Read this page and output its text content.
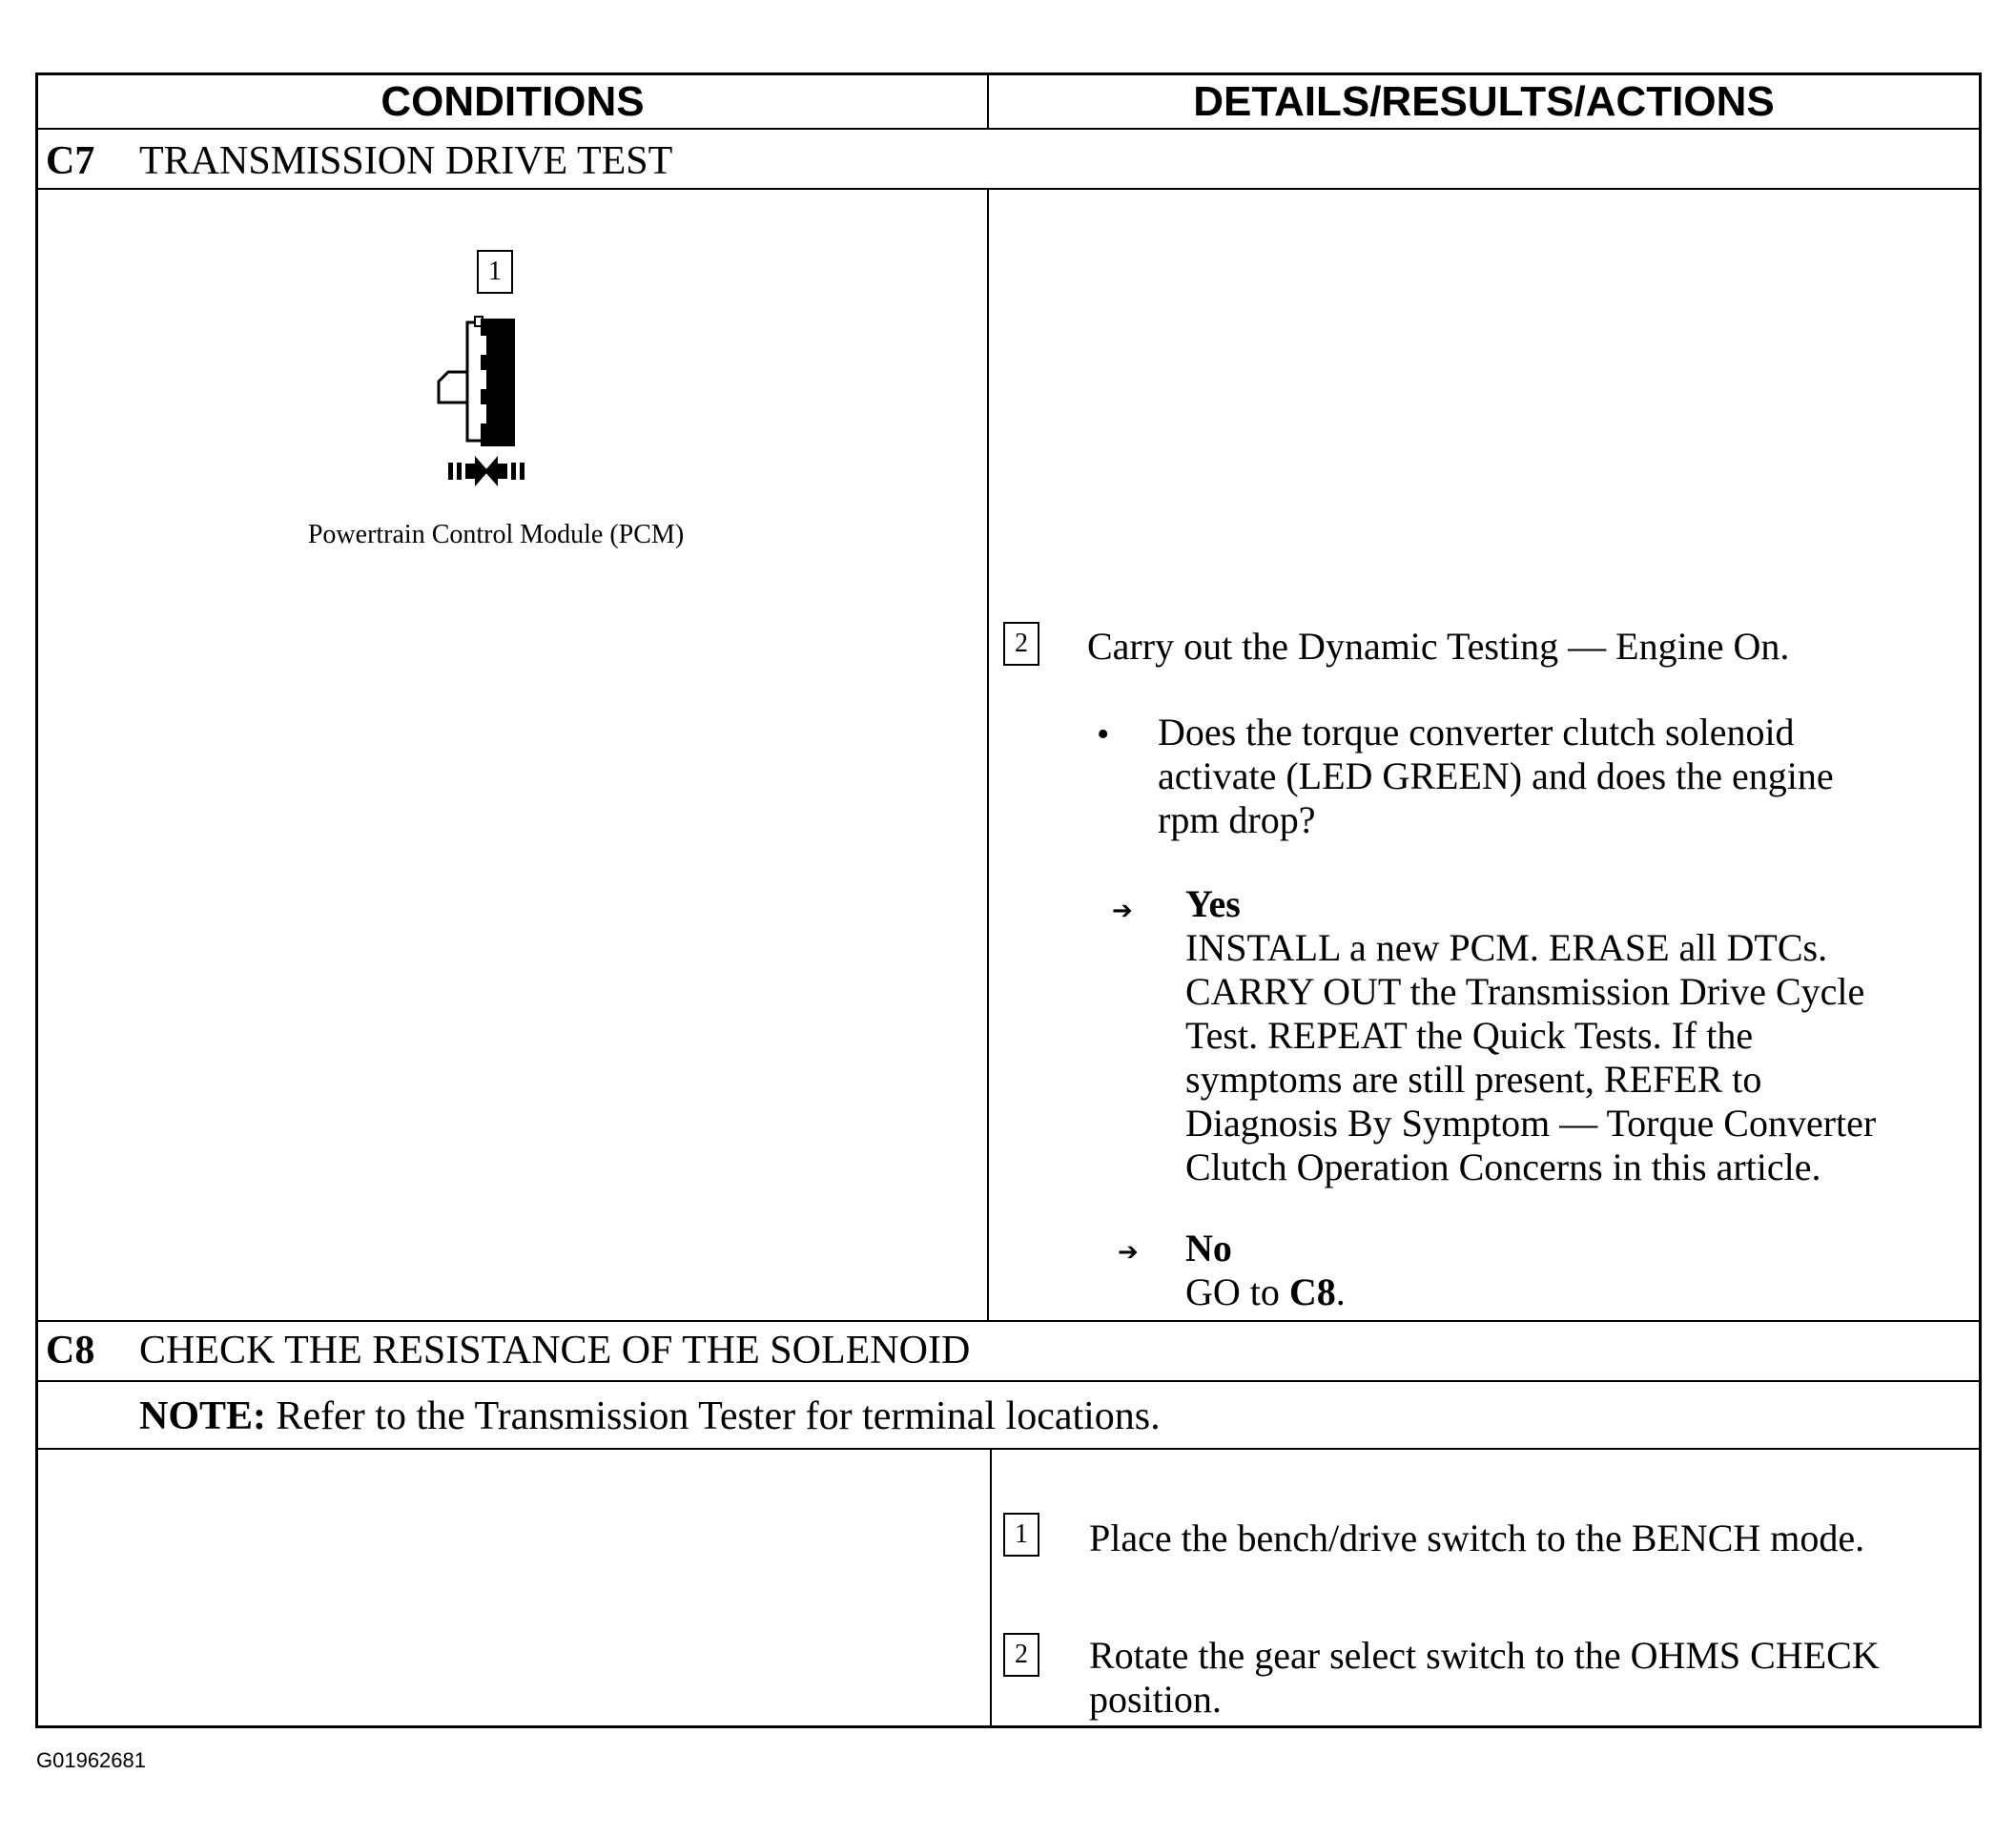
CONDITIONS	DETAILS/RESULTS/ACTIONS
C7 TRANSMISSION DRIVE TEST
1
Powertrain Control Module (PCM)
2	Carry out the Dynamic Testing — Engine On.
• Does the torque converter clutch solenoid
activate (LED GREEN) and does the engine
rpm drop?
➔ Yes
INSTALL a new PCM. ERASE all DTCs.
CARRY OUT the Transmission Drive Cycle
Test. REPEAT the Quick Tests. If the
symptoms are still present, REFER to
Diagnosis By Symptom — Torque Converter
Clutch Operation Concerns in this article.
➔ No
GO to C8.
C8 CHECK THE RESISTANCE OF THE SOLENOID
NOTE: Refer to the Transmission Tester for terminal locations.
1	Place the bench/drive switch to the BENCH mode.
2	Rotate the gear select switch to the OHMS CHECK
position.
G01962681
